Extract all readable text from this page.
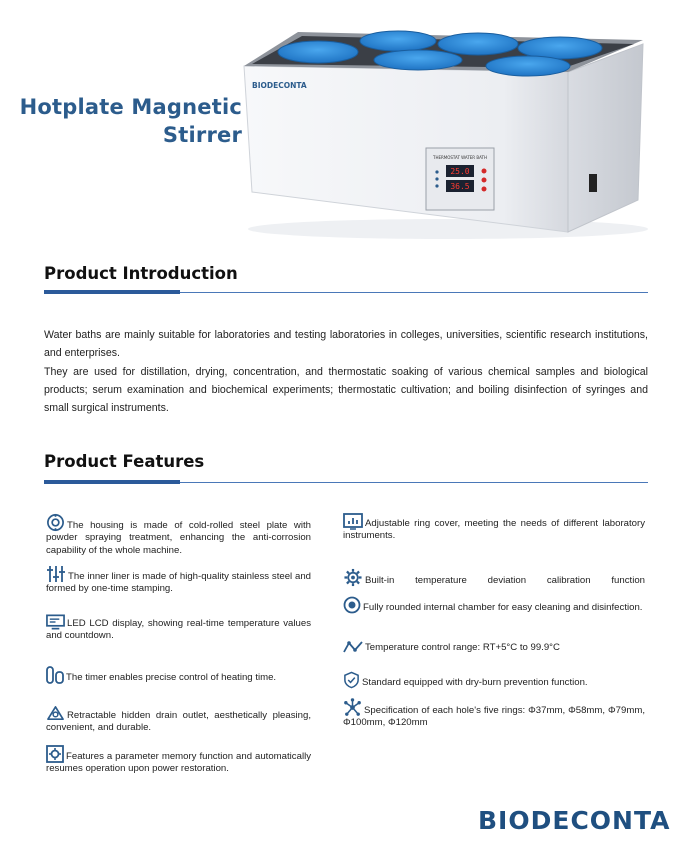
Hotplate Magnetic
Stirrer
BIODECONTA
THERMOSTAT WATER BATH
25.0
36.5
Product Introduction

Water baths are mainly suitable for laboratories and testing laboratories in colleges, universities, scientific research institutions, and enterprises.

They are used for distillation, drying, concentration, and thermostatic soaking of various chemical samples and biological products; serum examination and biochemical experiments; thermostatic cultivation; and boiling disinfection of syringes and small surgical instruments.

Product Features
The housing is made of cold-rolled steel plate with powder spraying treatment, enhancing the anti-corrosion capability of the whole machine.
The inner liner is made of high-quality stainless steel and formed by one-time stamping.
LED LCD display, showing real-time temperature values and countdown.
The timer enables precise control of heating time.
Retractable hidden drain outlet, aesthetically pleasing, convenient, and durable.
Features a parameter memory function and automatically resumes operation upon power restoration.
Adjustable ring cover, meeting the needs of different laboratory instruments.
Built-in temperature deviation calibration function
Fully rounded internal chamber for easy cleaning and disinfection.
Temperature control range: RT+5°C to 99.9°C
Standard equipped with dry-burn prevention function.
Specification of each hole's five rings: Φ37mm, Φ58mm, Φ79mm, Φ100mm, Φ120mm
BIODECONTA
